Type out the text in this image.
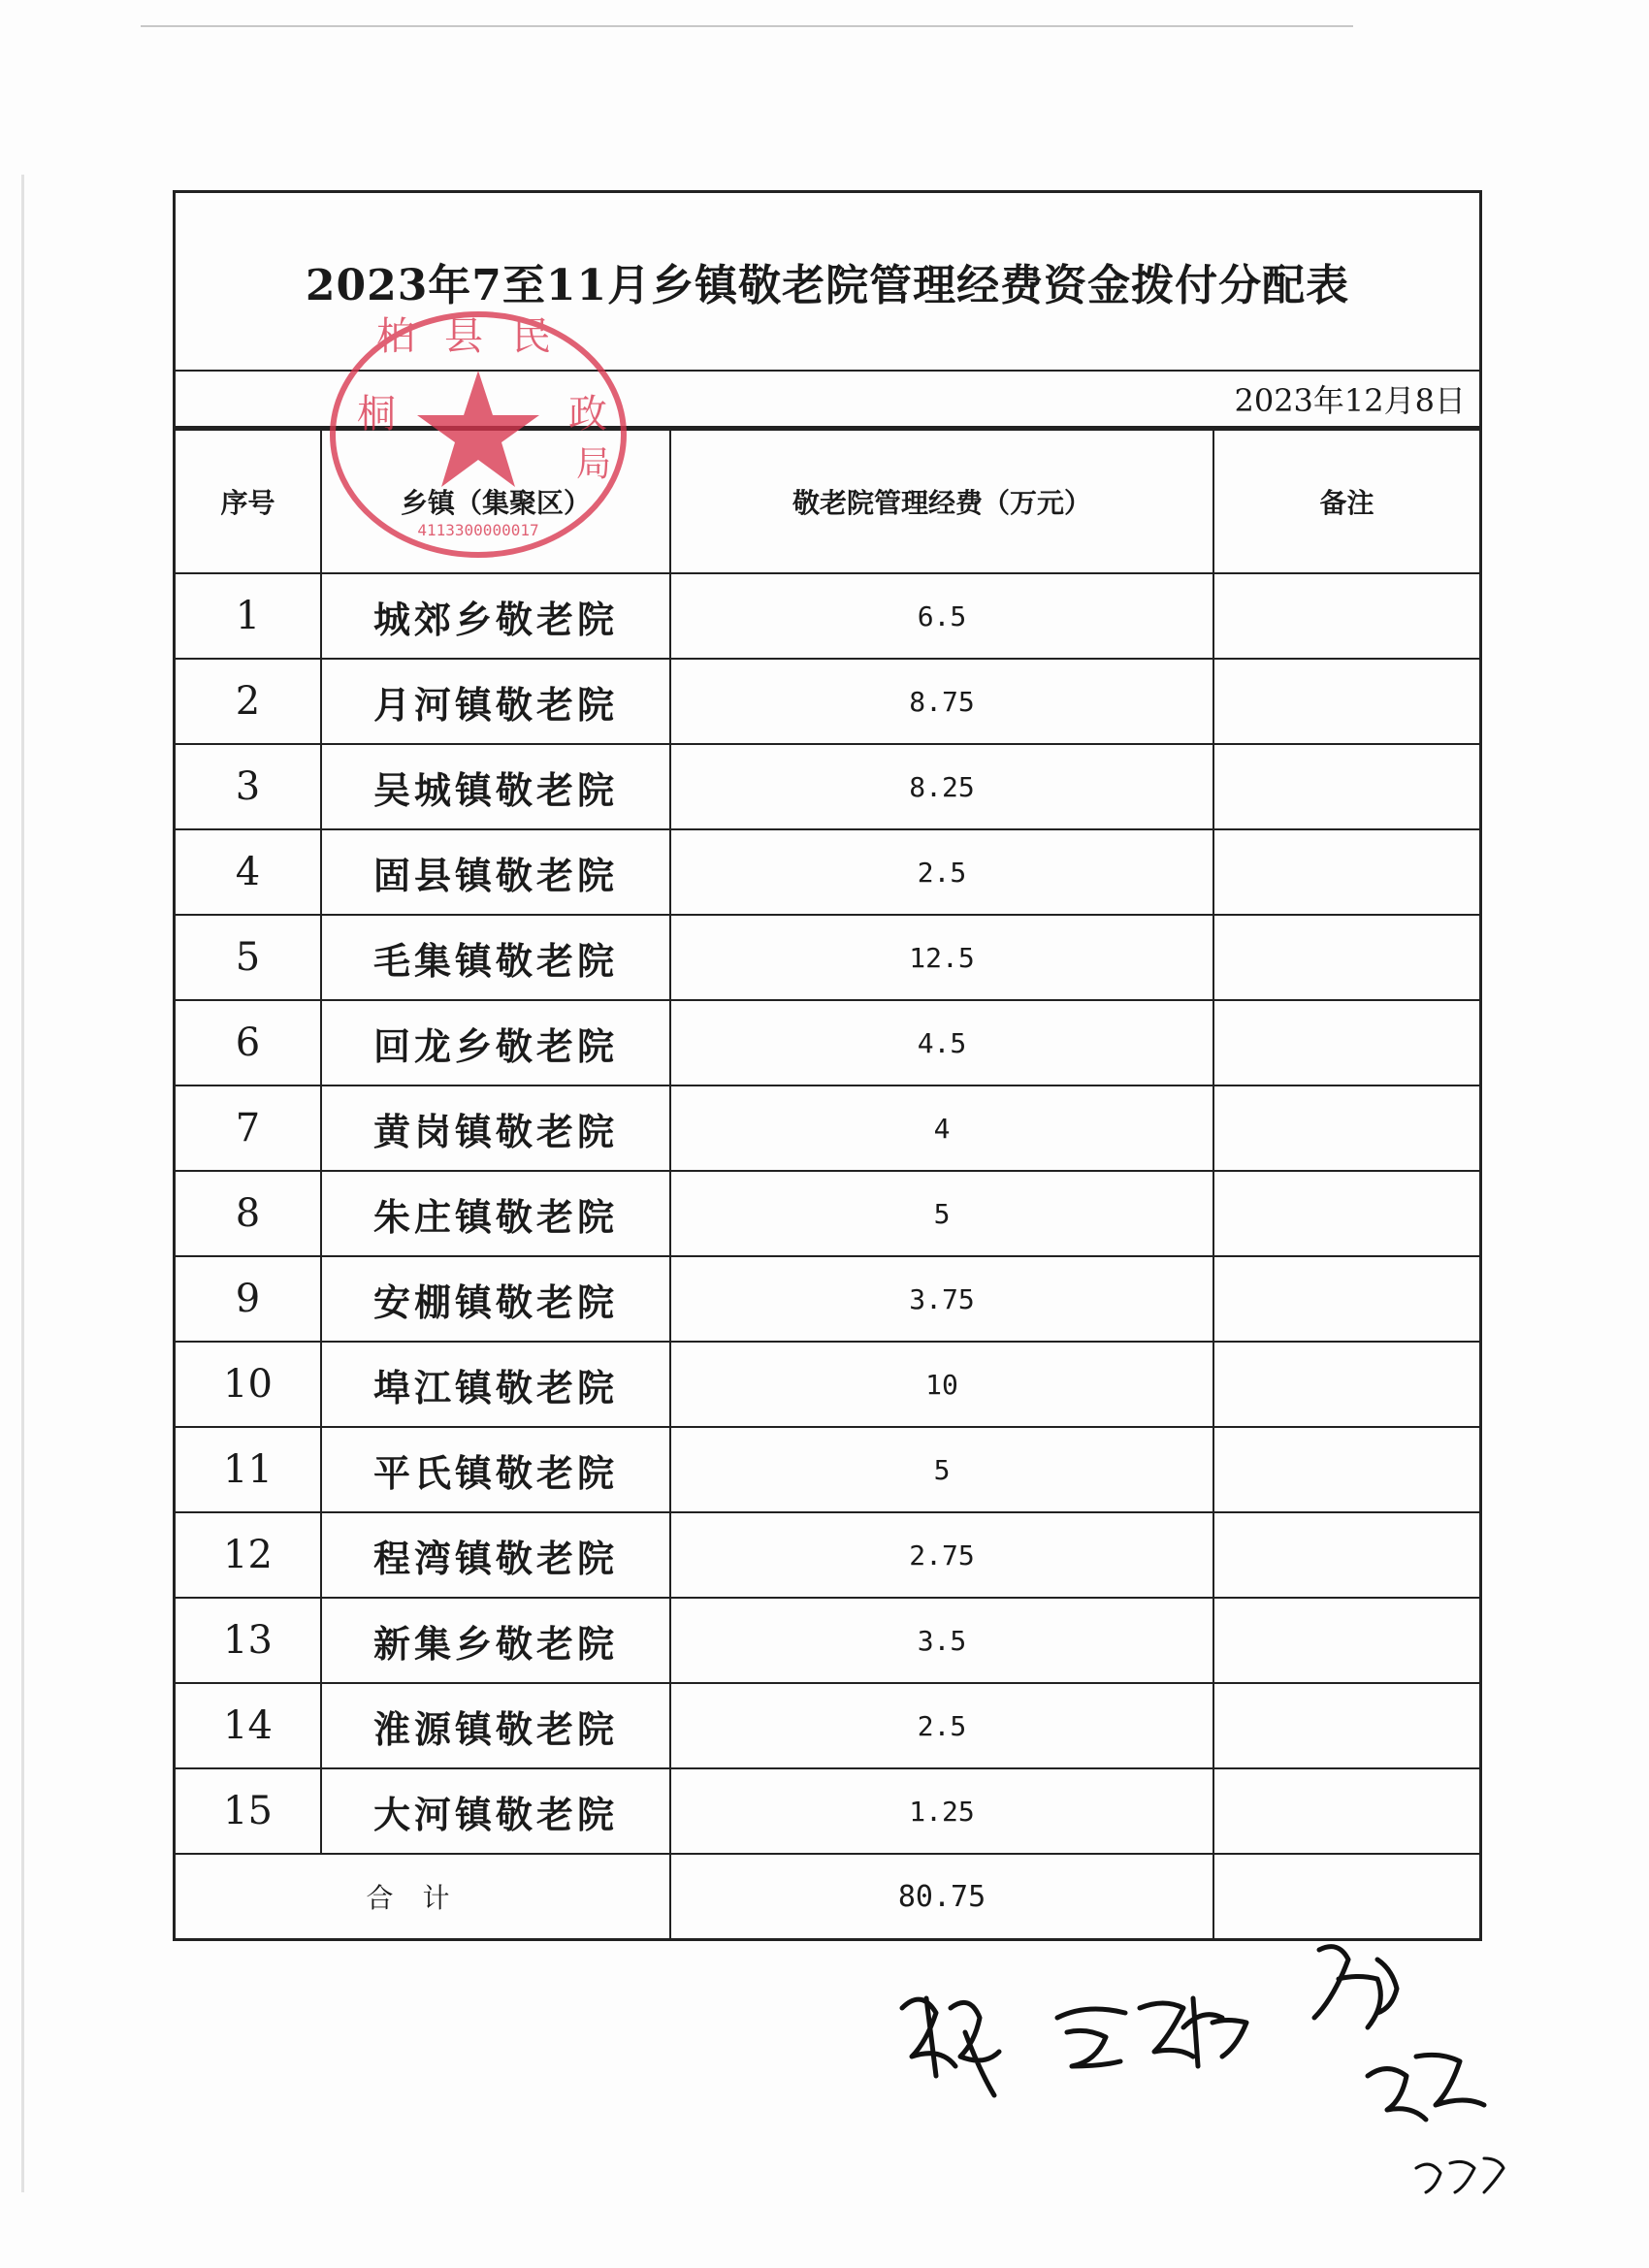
2023年7至11月乡镇敬老院管理经费资金拨付分配表
2023年12月8日
序号	乡镇（集聚区）	敬老院管理经费（万元）	备注
1	城郊乡敬老院	6.5	
2	月河镇敬老院	8.75	
3	吴城镇敬老院	8.25	
4	固县镇敬老院	2.5	
5	毛集镇敬老院	12.5	
6	回龙乡敬老院	4.5	
7	黄岗镇敬老院	4	
8	朱庄镇敬老院	5	
9	安棚镇敬老院	3.75	
10	埠江镇敬老院	10	
11	平氏镇敬老院	5	
12	程湾镇敬老院	2.75	
13	新集乡敬老院	3.5	
14	淮源镇敬老院	2.5	
15	大河镇敬老院	1.25	
合计		80.75	
柏县民
桐	政
局
4113300000017
